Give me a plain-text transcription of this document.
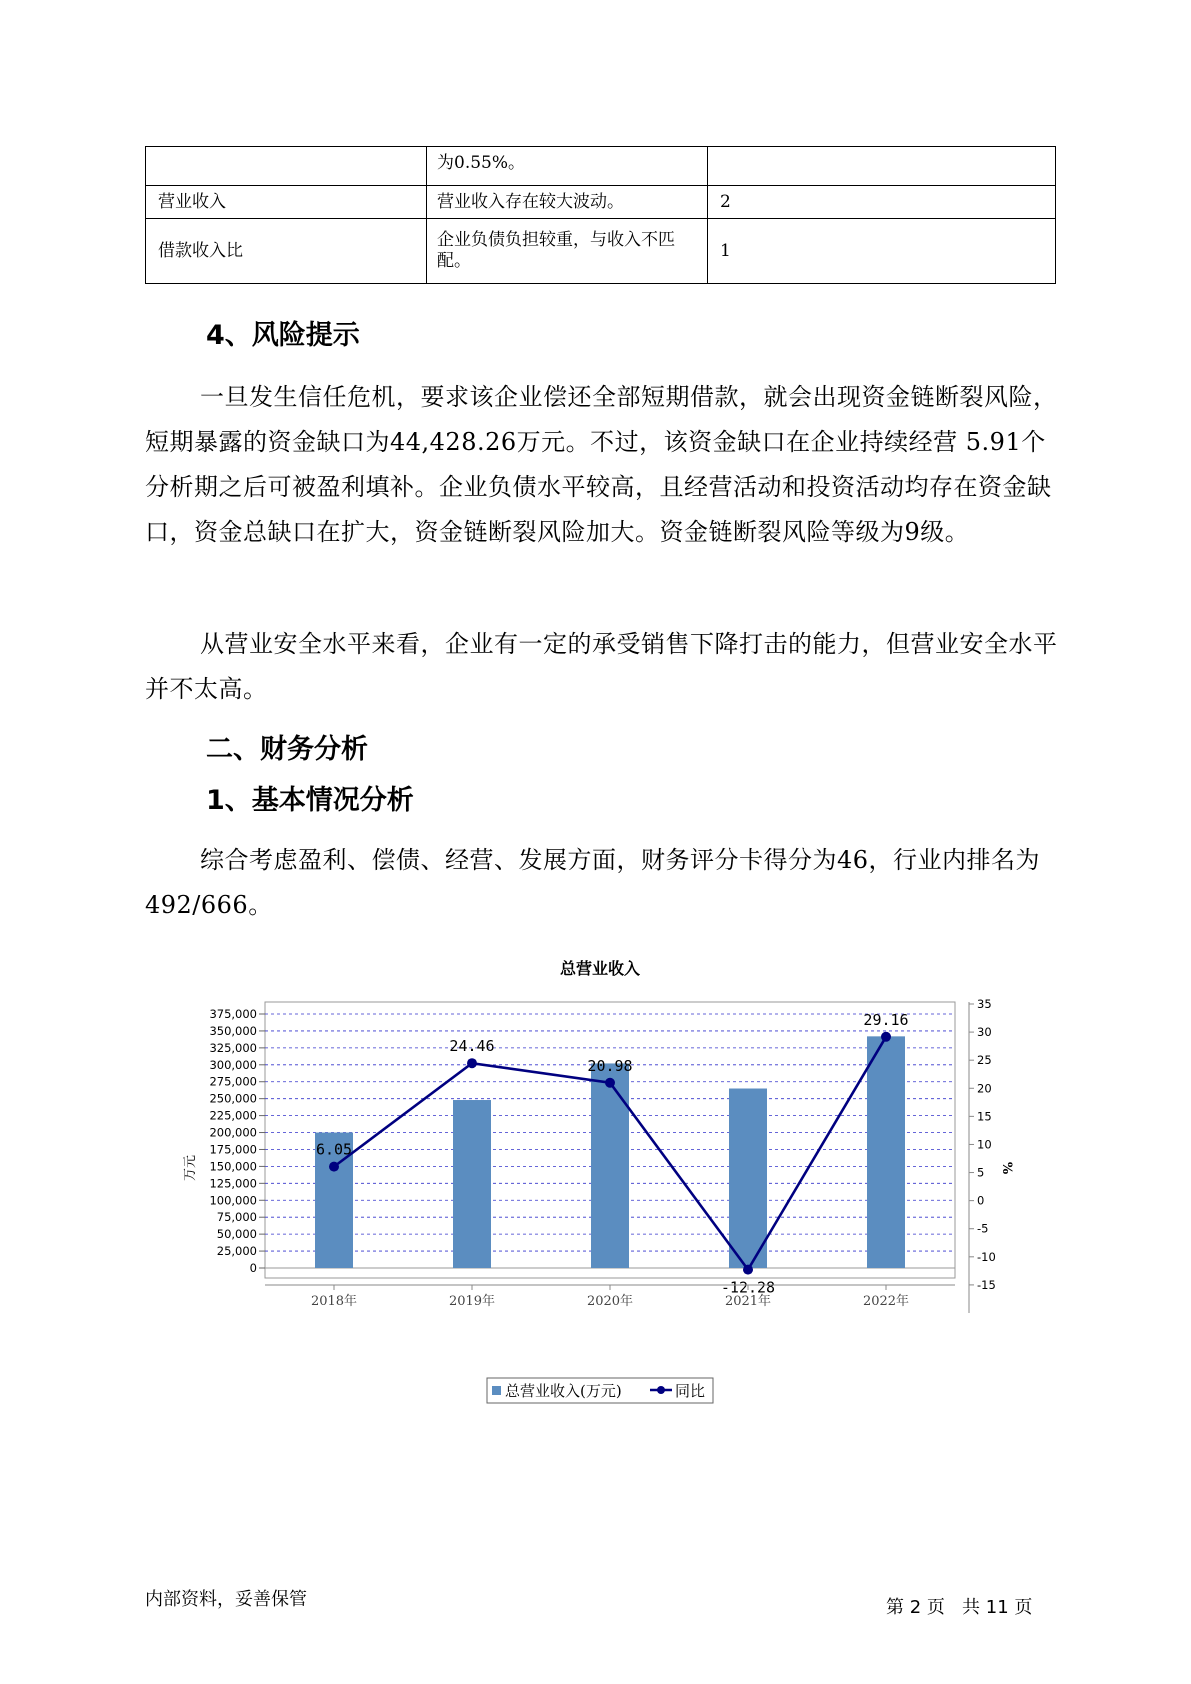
	为0.55%。	
营业收入	营业收入存在较大波动。	2
借款收入比	企业负债负担较重，与收入不匹配。	1
4、风险提示
一旦发生信任危机，要求该企业偿还全部短期借款，就会出现资金链断裂风险，短期暴露的资金缺口为44,428.26万元。不过，该资金缺口在企业持续经营 5.91个分析期之后可被盈利填补。企业负债水平较高，且经营活动和投资活动均存在资金缺口，资金总缺口在扩大，资金链断裂风险加大。资金链断裂风险等级为9级。
从营业安全水平来看，企业有一定的承受销售下降打击的能力，但营业安全水平并不太高。
二、财务分析
1、基本情况分析
综合考虑盈利、偿债、经营、发展方面，财务评分卡得分为46，行业内排名为492/666。
总营业收入
375,000
350,000
325,000
300,000
275,000
250,000
225,000
200,000
175,000
150,000
125,000
100,000
75,000
50,000
25,000
0
35
30
25
20
15
10
5
0
-5
-10
-15
6.05
24.46
20.98
-12.28
29.16
2018年	2019年	2020年	2021年	2022年
万元	%
总营业收入(万元)	同比
内部资料，妥善保管	第 2 页   共 11 页
